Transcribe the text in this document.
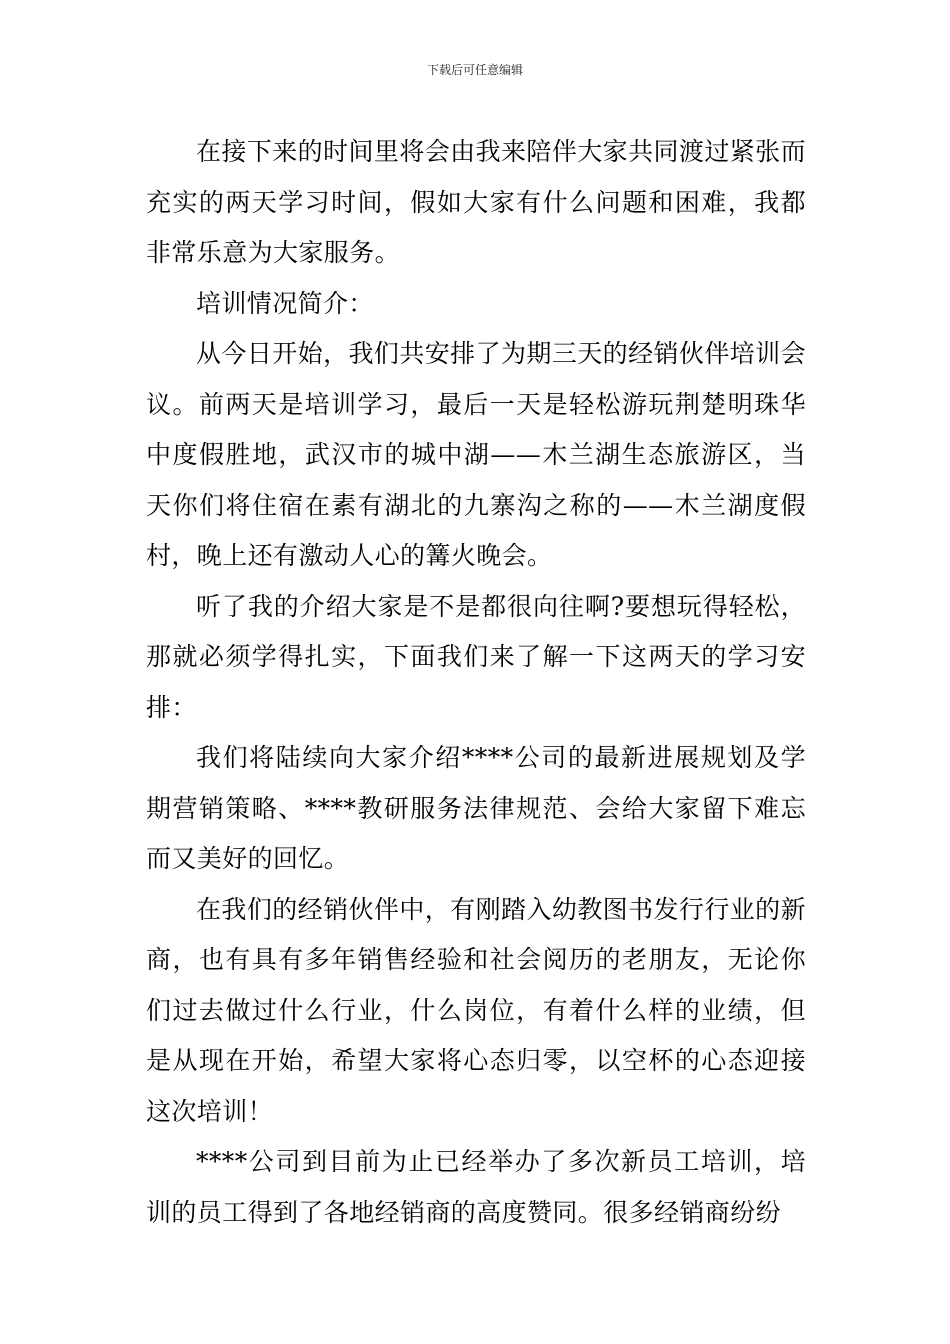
下载后可任意编辑

在接下来的时间里将会由我来陪伴大家共同渡过紧张而充实的两天学习时间，假如大家有什么问题和困难，我都非常乐意为大家服务。

培训情况简介：

从今日开始，我们共安排了为期三天的经销伙伴培训会议。前两天是培训学习，最后一天是轻松游玩荆楚明珠华中度假胜地，武汉市的城中湖——木兰湖生态旅游区，当天你们将住宿在素有湖北的九寨沟之称的——木兰湖度假村，晚上还有激动人心的篝火晚会。

听了我的介绍大家是不是都很向往啊?要想玩得轻松，那就必须学得扎实，下面我们来了解一下这两天的学习安排：

我们将陆续向大家介绍****公司的最新进展规划及学期营销策略、****教研服务法律规范、会给大家留下难忘而又美好的回忆。

在我们的经销伙伴中，有刚踏入幼教图书发行行业的新商，也有具有多年销售经验和社会阅历的老朋友，无论你们过去做过什么行业，什么岗位，有着什么样的业绩，但是从现在开始，希望大家将心态归零，以空杯的心态迎接这次培训！

****公司到目前为止已经举办了多次新员工培训，培训的员工得到了各地经销商的高度赞同。很多经销商纷纷
